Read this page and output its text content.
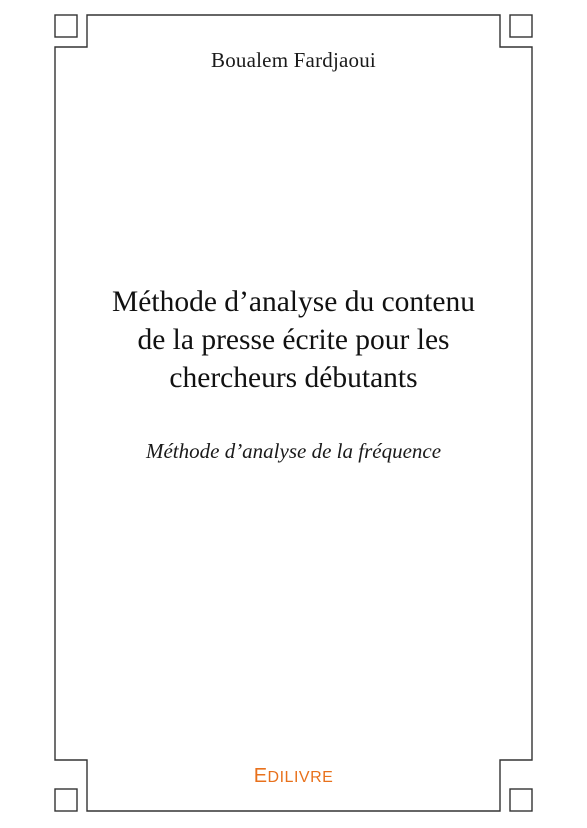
Boualem Fardjaoui
Méthode d’analyse du contenu
de la presse écrite pour les
chercheurs débutants
Méthode d’analyse de la fréquence
EDILIVRE
